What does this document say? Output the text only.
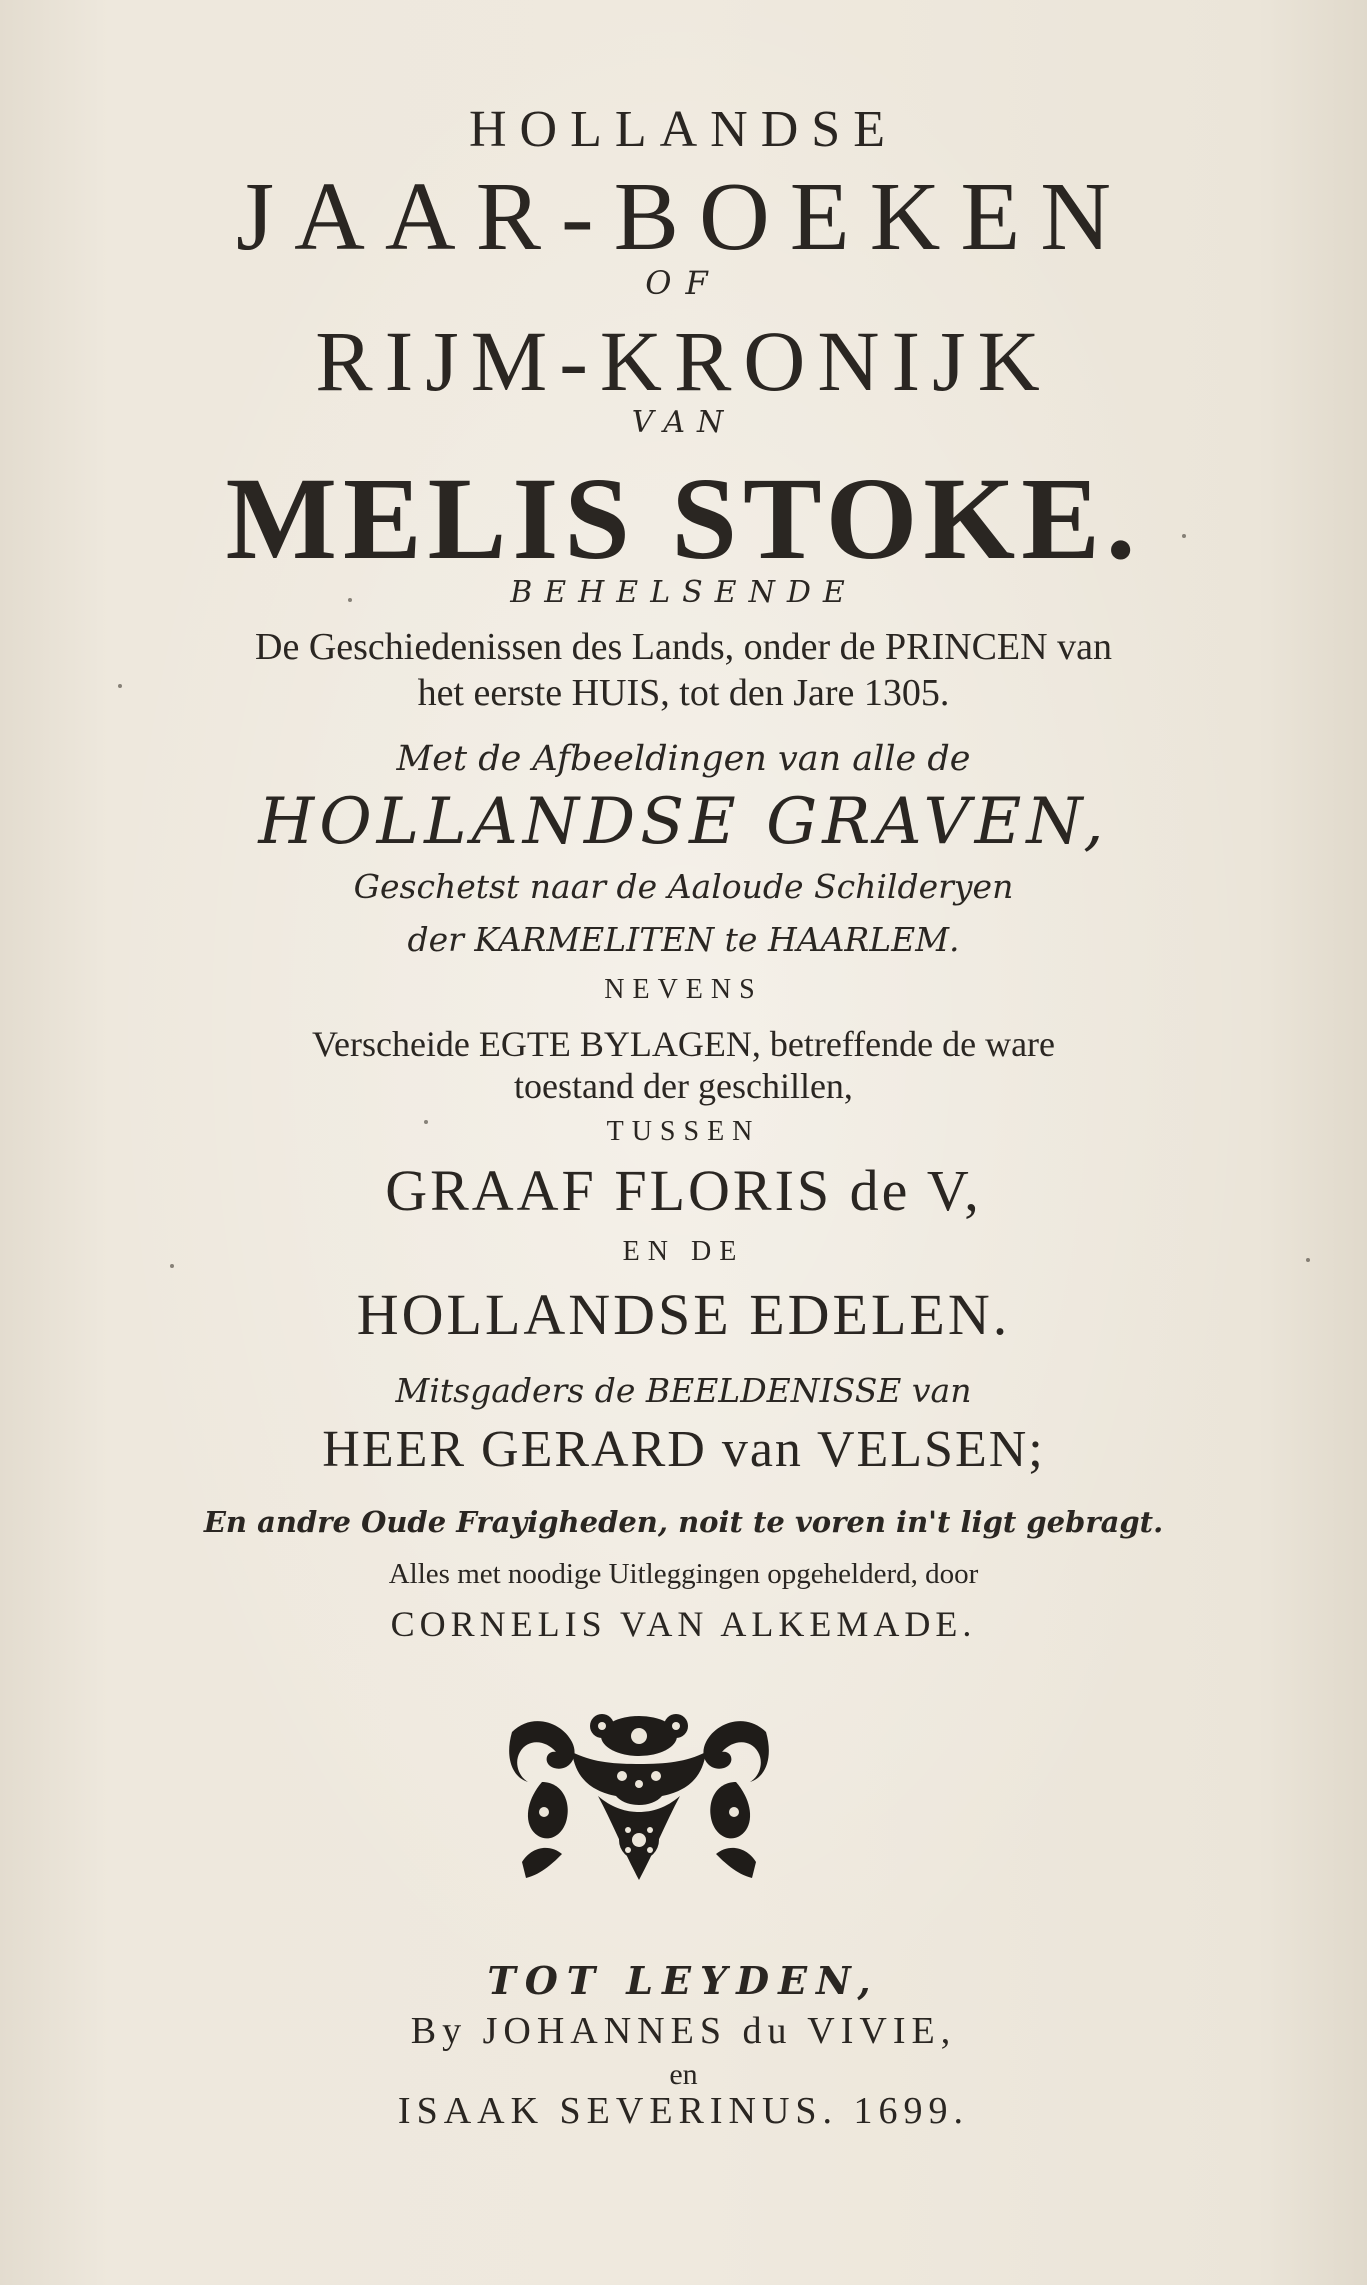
HOLLANDSE
JAAR-BOEKEN
OF
RIJM-KRONIJK
VAN
MELIS STOKE.
BEHELSENDE
De Geschiedenissen des Lands, onder de PRINCEN van
het eerste HUIS, tot den Jare 1305.
Met de Afbeeldingen van alle de
HOLLANDSE GRAVEN,
Geschetst naar de Aaloude Schilderyen
der KARMELITEN te HAARLEM.
NEVENS
Verscheide EGTE BYLAGEN, betreffende de ware
toestand der geschillen,
TUSSEN
GRAAF FLORIS de V,
EN DE
HOLLANDSE EDELEN.
Mitsgaders de BEELDENISSE van
HEER GERARD van VELSEN;
En andre Oude Frayigheden, noit te voren in't ligt gebragt.
Alles met noodige Uitleggingen opgehelderd, door
CORNELIS VAN ALKEMADE.
TOT LEYDEN,
By JOHANNES du VIVIE,
en
ISAAK SEVERINUS. 1699.
